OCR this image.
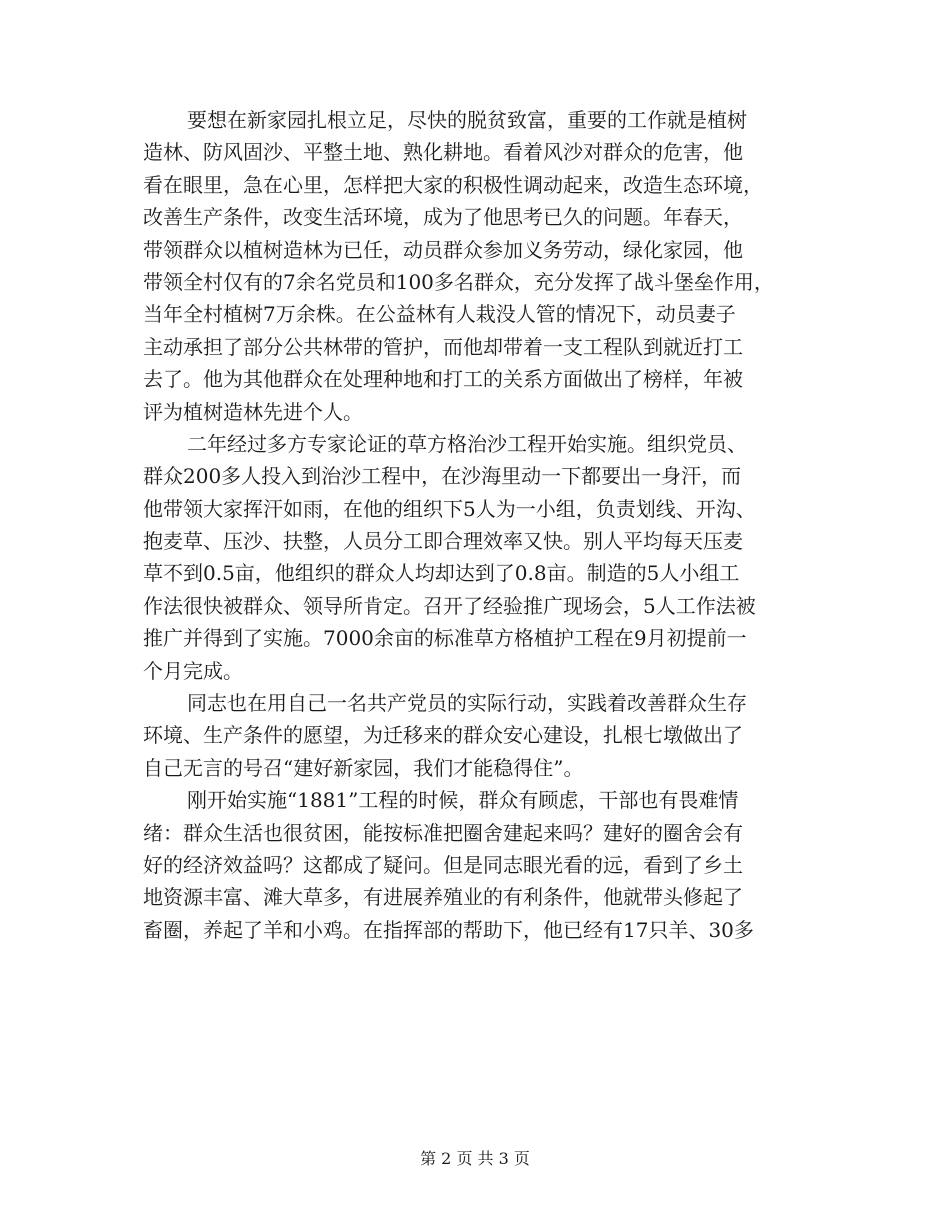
要想在新家园扎根立足，尽快的脱贫致富，重要的工作就是植树
造林、防风固沙、平整土地、熟化耕地。看着风沙对群众的危害，他
看在眼里，急在心里，怎样把大家的积极性调动起来，改造生态环境，
改善生产条件，改变生活环境，成为了他思考已久的问题。年春天，
带领群众以植树造林为已任，动员群众参加义务劳动，绿化家园，他
带领全村仅有的7余名党员和100多名群众，充分发挥了战斗堡垒作用，
当年全村植树7万余株。在公益林有人栽没人管的情况下，动员妻子
主动承担了部分公共林带的管护，而他却带着一支工程队到就近打工
去了。他为其他群众在处理种地和打工的关系方面做出了榜样，年被
评为植树造林先进个人。
二年经过多方专家论证的草方格治沙工程开始实施。组织党员、
群众200多人投入到治沙工程中，在沙海里动一下都要出一身汗，而
他带领大家挥汗如雨，在他的组织下5人为一小组，负责划线、开沟、
抱麦草、压沙、扶整，人员分工即合理效率又快。别人平均每天压麦
草不到0.5亩，他组织的群众人均却达到了0.8亩。制造的5人小组工
作法很快被群众、领导所肯定。召开了经验推广现场会，5人工作法被
推广并得到了实施。7000余亩的标准草方格植护工程在9月初提前一
个月完成。
同志也在用自己一名共产党员的实际行动，实践着改善群众生存
环境、生产条件的愿望，为迁移来的群众安心建设，扎根七墩做出了
自己无言的号召“建好新家园，我们才能稳得住”。
刚开始实施“1881”工程的时候，群众有顾虑，干部也有畏难情
绪：群众生活也很贫困，能按标准把圈舍建起来吗？建好的圈舍会有
好的经济效益吗？这都成了疑问。但是同志眼光看的远，看到了乡土
地资源丰富、滩大草多，有进展养殖业的有利条件，他就带头修起了
畜圈，养起了羊和小鸡。在指挥部的帮助下，他已经有17只羊、30多
第 2 页 共 3 页
